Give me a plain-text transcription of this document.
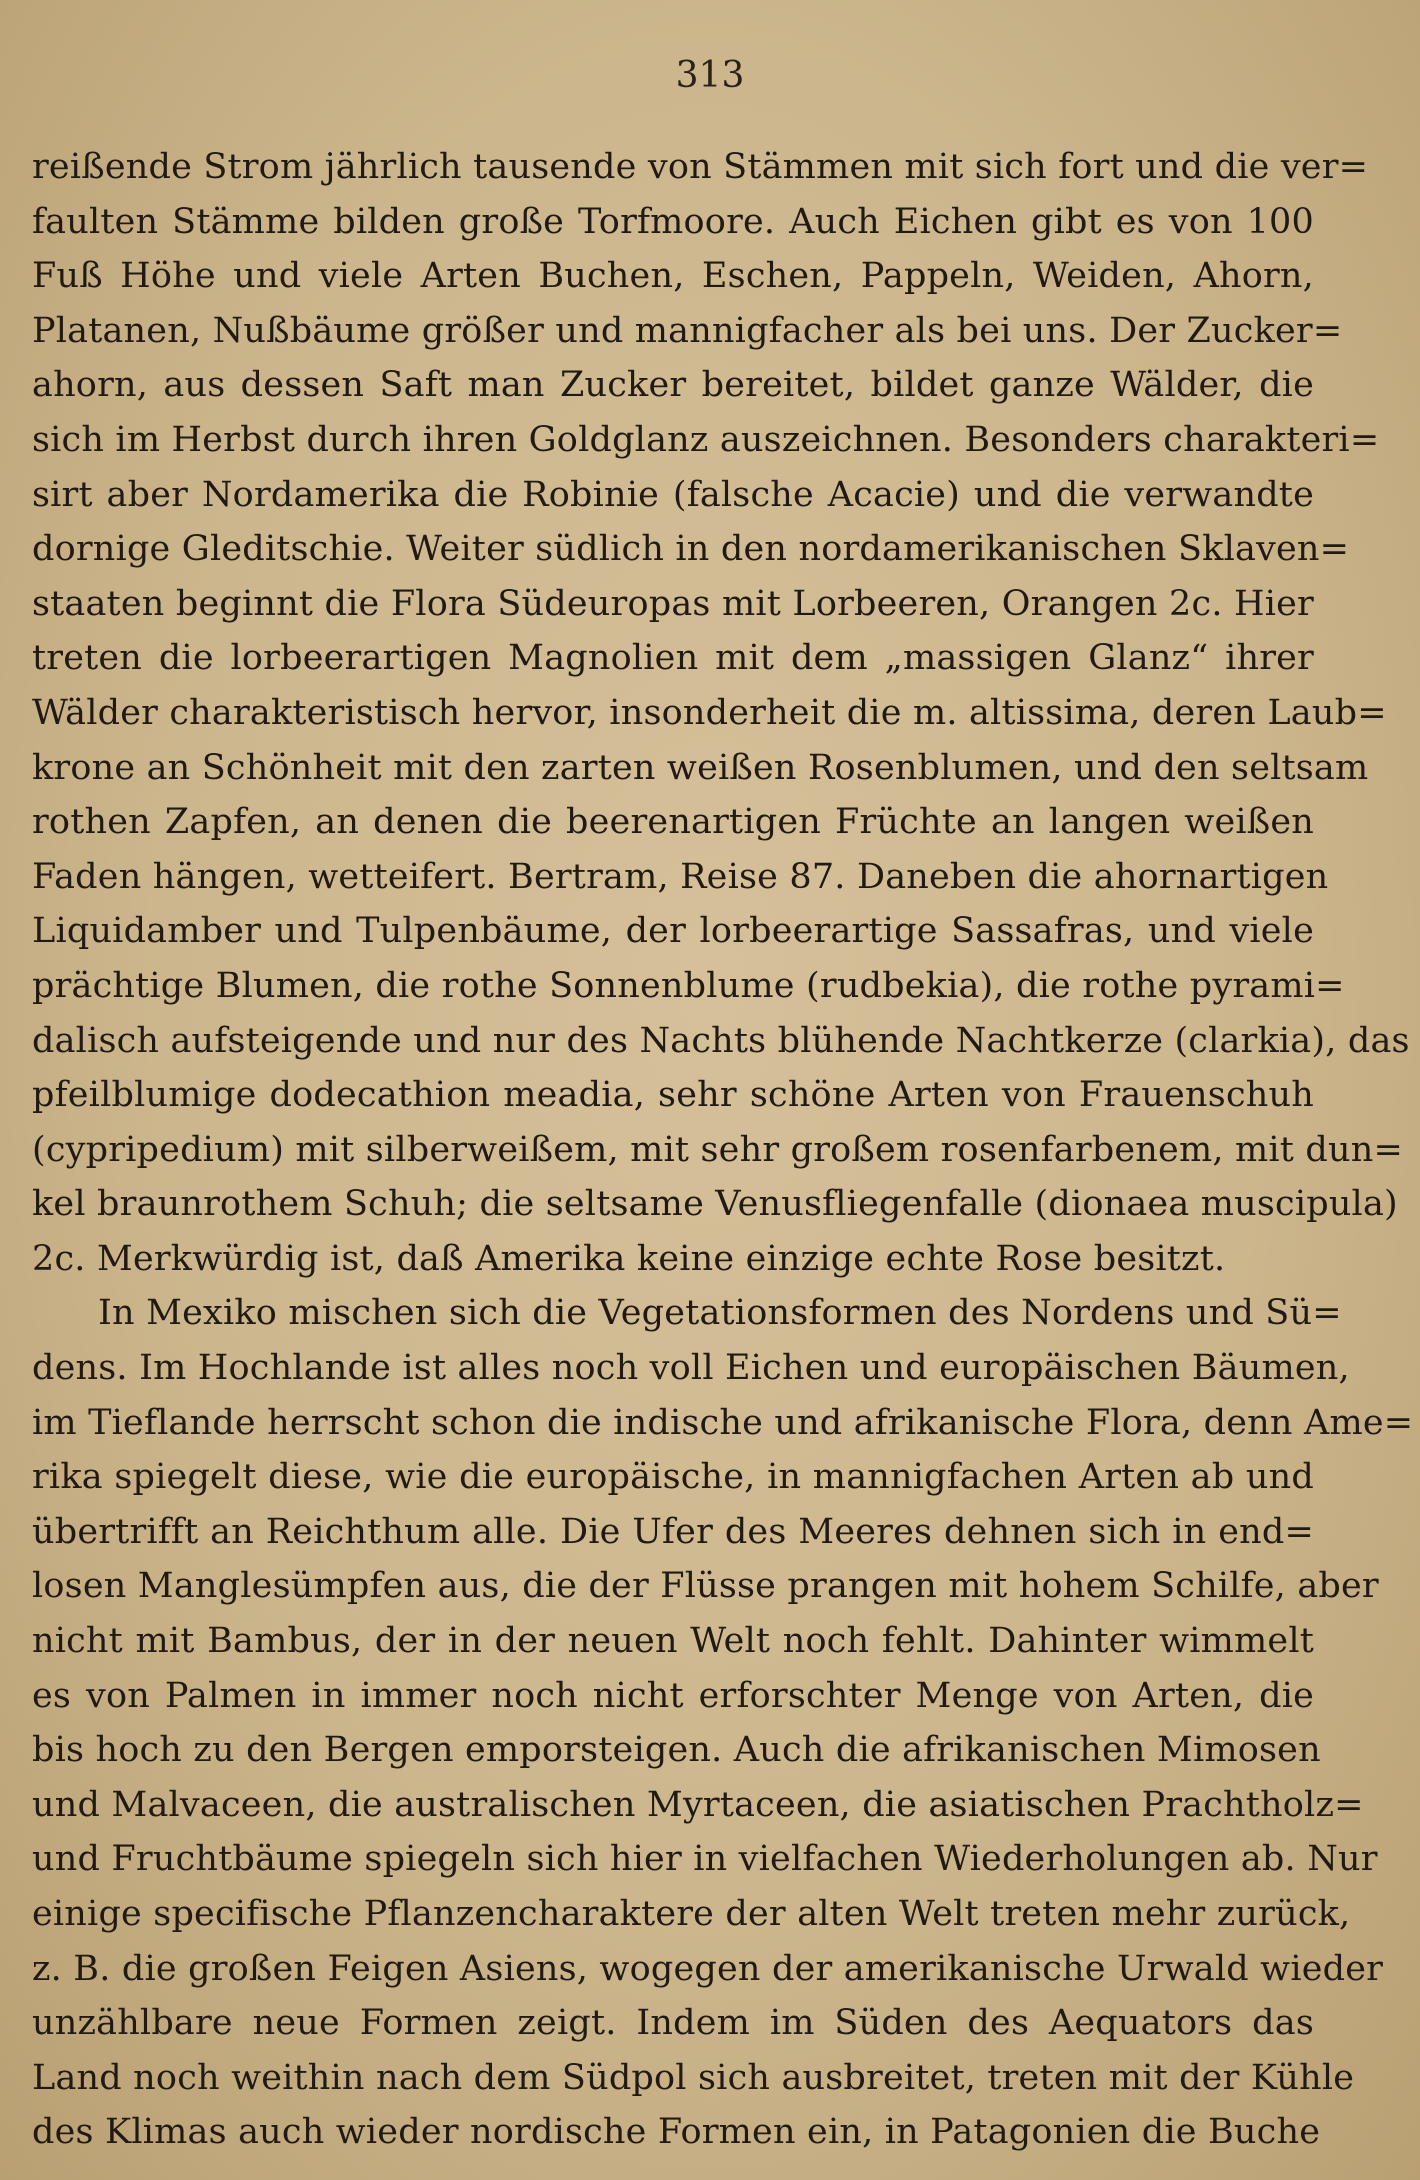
313
reißende Strom jährlich tausende von Stämmen mit sich fort und die ver=
faulten Stämme bilden große Torfmoore. Auch Eichen gibt es von 100
Fuß Höhe und viele Arten Buchen, Eschen, Pappeln, Weiden, Ahorn,
Platanen, Nußbäume größer und mannigfacher als bei uns. Der Zucker=
ahorn, aus dessen Saft man Zucker bereitet, bildet ganze Wälder, die
sich im Herbst durch ihren Goldglanz auszeichnen. Besonders charakteri=
sirt aber Nordamerika die Robinie (falsche Acacie) und die verwandte
dornige Gleditschie. Weiter südlich in den nordamerikanischen Sklaven=
staaten beginnt die Flora Südeuropas mit Lorbeeren, Orangen 2c. Hier
treten die lorbeerartigen Magnolien mit dem „massigen Glanz“ ihrer
Wälder charakteristisch hervor, insonderheit die m. altissima, deren Laub=
krone an Schönheit mit den zarten weißen Rosenblumen, und den seltsam
rothen Zapfen, an denen die beerenartigen Früchte an langen weißen
Faden hängen, wetteifert. Bertram, Reise 87. Daneben die ahornartigen
Liquidamber und Tulpenbäume, der lorbeerartige Sassafras, und viele
prächtige Blumen, die rothe Sonnenblume (rudbekia), die rothe pyrami=
dalisch aufsteigende und nur des Nachts blühende Nachtkerze (clarkia), das
pfeilblumige dodecathion meadia, sehr schöne Arten von Frauenschuh
(cypripedium) mit silberweißem, mit sehr großem rosenfarbenem, mit dun=
kel braunrothem Schuh; die seltsame Venusfliegenfalle (dionaea muscipula)
2c. Merkwürdig ist, daß Amerika keine einzige echte Rose besitzt.
In Mexiko mischen sich die Vegetationsformen des Nordens und Sü=
dens. Im Hochlande ist alles noch voll Eichen und europäischen Bäumen,
im Tieflande herrscht schon die indische und afrikanische Flora, denn Ame=
rika spiegelt diese, wie die europäische, in mannigfachen Arten ab und
übertrifft an Reichthum alle. Die Ufer des Meeres dehnen sich in end=
losen Manglesümpfen aus, die der Flüsse prangen mit hohem Schilfe, aber
nicht mit Bambus, der in der neuen Welt noch fehlt. Dahinter wimmelt
es von Palmen in immer noch nicht erforschter Menge von Arten, die
bis hoch zu den Bergen emporsteigen. Auch die afrikanischen Mimosen
und Malvaceen, die australischen Myrtaceen, die asiatischen Prachtholz=
und Fruchtbäume spiegeln sich hier in vielfachen Wiederholungen ab. Nur
einige specifische Pflanzencharaktere der alten Welt treten mehr zurück,
z. B. die großen Feigen Asiens, wogegen der amerikanische Urwald wieder
unzählbare neue Formen zeigt. Indem im Süden des Aequators das
Land noch weithin nach dem Südpol sich ausbreitet, treten mit der Kühle
des Klimas auch wieder nordische Formen ein, in Patagonien die Buche
